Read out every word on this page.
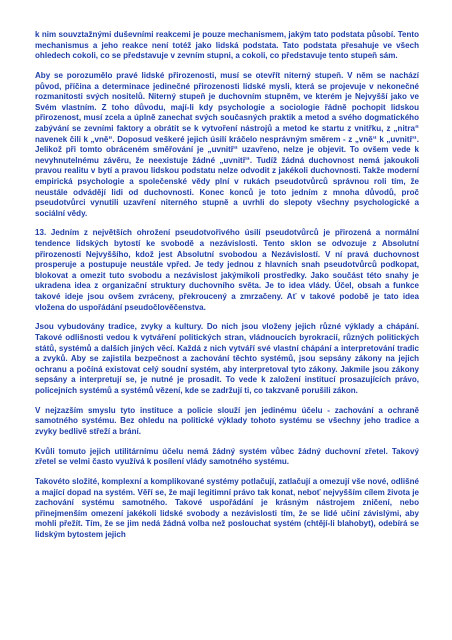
k nim souvztažnými duševními reakcemi je pouze mechanismem, jakým tato podstata působí. Tento mechanismus a jeho reakce není totéž jako lidská podstata. Tato podstata přesahuje ve všech ohledech cokoli, co se představuje v zevním stupni, a cokoli, co představuje tento stupeň sám.

Aby se porozumělo pravé lidské přirozenosti, musí se otevřít niterný stupeň. V něm se nachází původ, příčina a determinace jedinečné přirozenosti lidské mysli, která se projevuje v nekonečné rozmanitosti svých nositelů. Niterný stupeň je duchovním stupněm, ve kterém je Nejvyšší jako ve Svém vlastním. Z toho důvodu, mají-li kdy psychologie a sociologie řádně pochopit lidskou přirozenost, musí zcela a úplně zanechat svých současných praktik a metod a svého dogmatického zabývání se zevními faktory a obrátit se k vytvoření nástrojů a metod ke startu z vnitřku, z „nitra“ navenek čili k „vně“. Doposud veškeré jejich úsilí kráčelo nesprávným směrem - z „vně“ k „uvnitř“. Jelikož při tomto obráceném směřování je „uvnitř“ uzavřeno, nelze je objevit. To ovšem vede k nevyhnutelnému závěru, že neexistuje žádné „uvnitř“. Tudíž žádná duchovnost nemá jakoukoli pravou realitu v bytí a pravou lidskou podstatu nelze odvodit z jakékoli duchovnosti. Takže moderní empirická psychologie a společenské vědy plní v rukách pseudotvůrců správnou roli tím, že neustále odvádějí lidi od duchovnosti. Konec konců je toto jedním z mnoha důvodů, proč pseudotvůrci vynutili uzavření niterného stupně a uvrhli do slepoty všechny psychologické a sociální vědy.

13. Jedním z největších ohrožení pseudotvořivého úsilí pseudotvůrců je přirozená a normální tendence lidských bytostí ke svobodě a nezávislosti. Tento sklon se odvozuje z Absolutní přirozenosti Nejvyššího, kdož jest Absolutní svobodou a Nezávislostí. V ní pravá duchovnost prosperuje a postupuje neustále vpřed. Je tedy jednou z hlavních snah pseudotvůrců podkopat, blokovat a omezit tuto svobodu a nezávislost jakýmikoli prostředky. Jako součást této snahy je ukradena idea z organizační struktury duchovního světa. Je to idea vlády. Účel, obsah a funkce takové ideje jsou ovšem zvráceny, překroucený a zmrzačeny. Ať v takové podobě je tato idea vložena do uspořádání pseudočlověčenstva.

Jsou vybudovány tradice, zvyky a kultury. Do nich jsou vloženy jejich různé výklady a chápání. Takové odlišnosti vedou k vytváření politických stran, vládnoucích byrokracií, různých politických států, systémů a dalších jiných věcí. Každá z nich vytváří své vlastní chápání a interpretování tradic a zvyků. Aby se zajistila bezpečnost a zachování těchto systémů, jsou sepsány zákony na jejich ochranu a počíná existovat celý soudní systém, aby interpretoval tyto zákony. Jakmile jsou zákony sepsány a interpretují se, je nutné je prosadit. To vede k založení institucí prosazujících právo, policejních systémů a systémů vězení, kde se zadržují ti, co takzvaně porušili zákon.

V nejzazším smyslu tyto instituce a policie slouží jen jedinému účelu - zachování a ochraně samotného systému. Bez ohledu na politické výklady tohoto systému se všechny jeho tradice a zvyky bedlivě střeží a brání.

Kvůli tomuto jejich utilitárnímu účelu nemá žádný systém vůbec žádný duchovní zřetel. Takový zřetel se velmi často využívá k posílení vlády samotného systému.

Takovéto složité, komplexní a komplikované systémy potlačují, zatlačují a omezují vše nové, odlišné a mající dopad na systém. Věří se, že mají legitimní právo tak konat, neboť nejvyšším cílem života je zachování systému samotného. Takové uspořádání je krásným nástrojem zničení, nebo přinejmenším omezení jakékoli lidské svobody a nezávislosti tím, že se lidé učiní závislými, aby mohli přežít. Tím, že se jim nedá žádná volba než poslouchat systém (chtějí-li blahobyt), odebírá se lidským bytostem jejich
